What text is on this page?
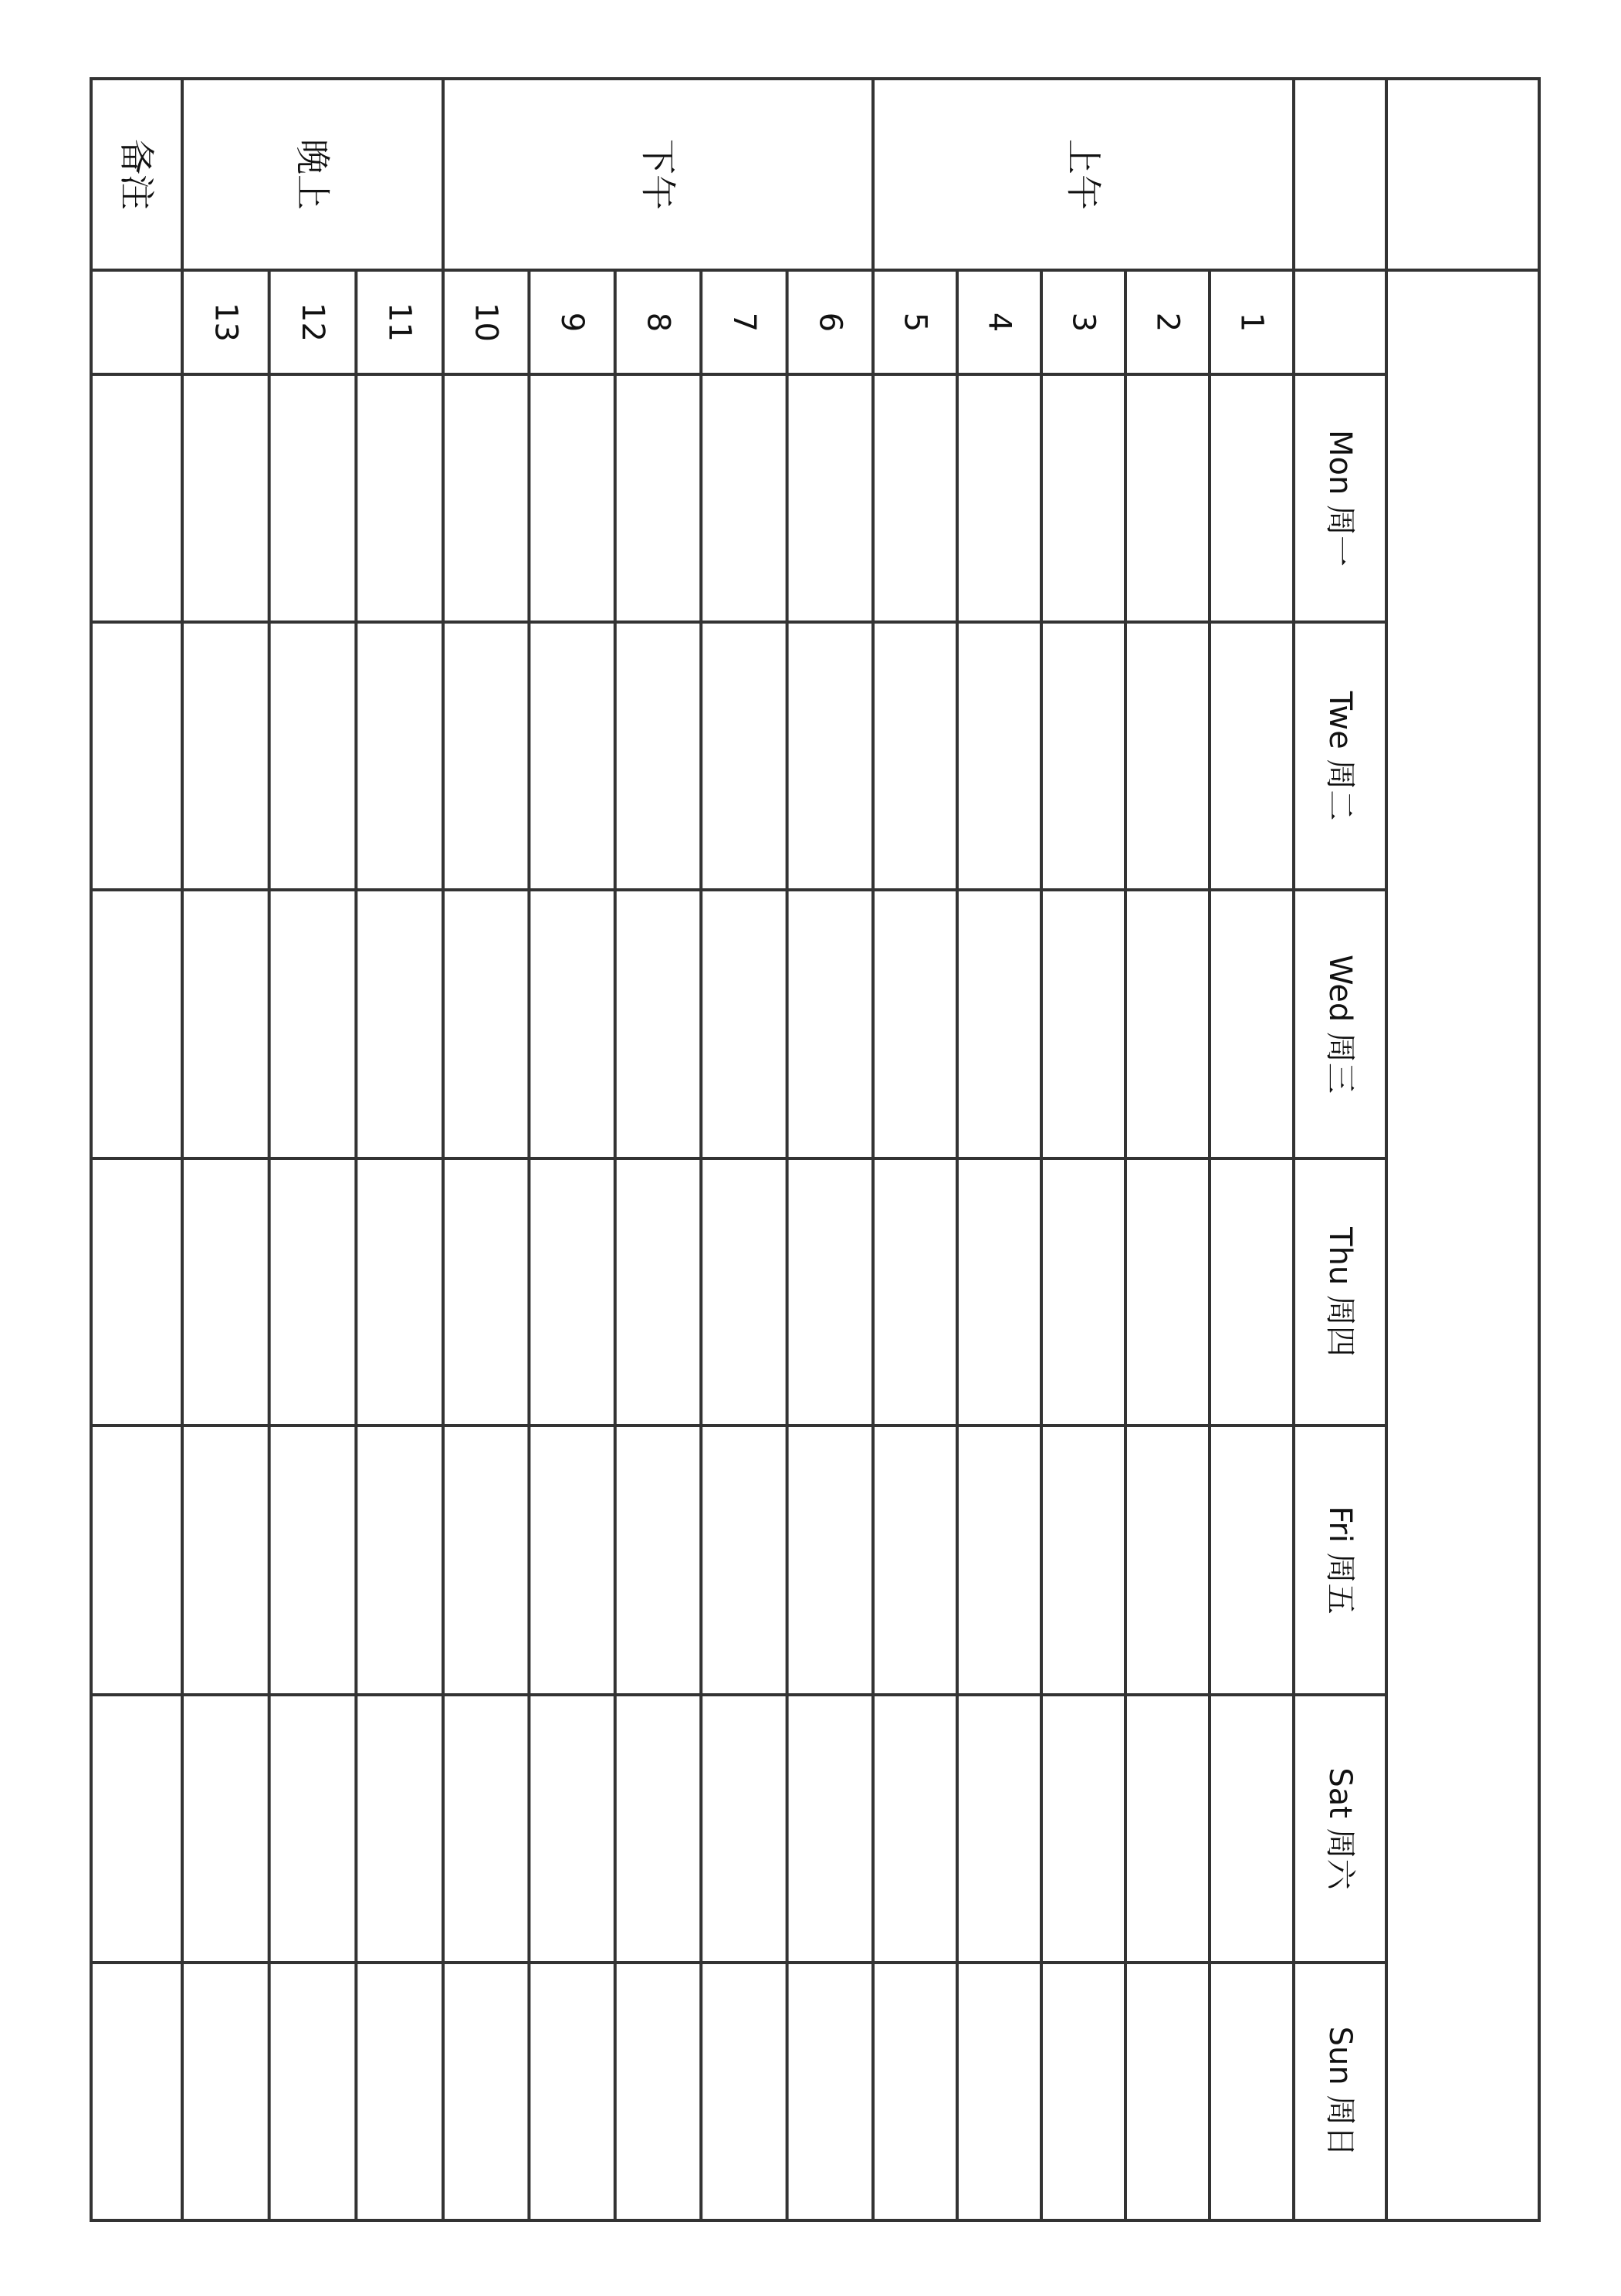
上午
1
2
3
4
5
下午
6
7
8
9
10
晚上
11
12
13
备注
Mon 周一
Twe 周二
Wed 周三
Thu 周四
Fri 周五
Sat 周六
Sun 周日
